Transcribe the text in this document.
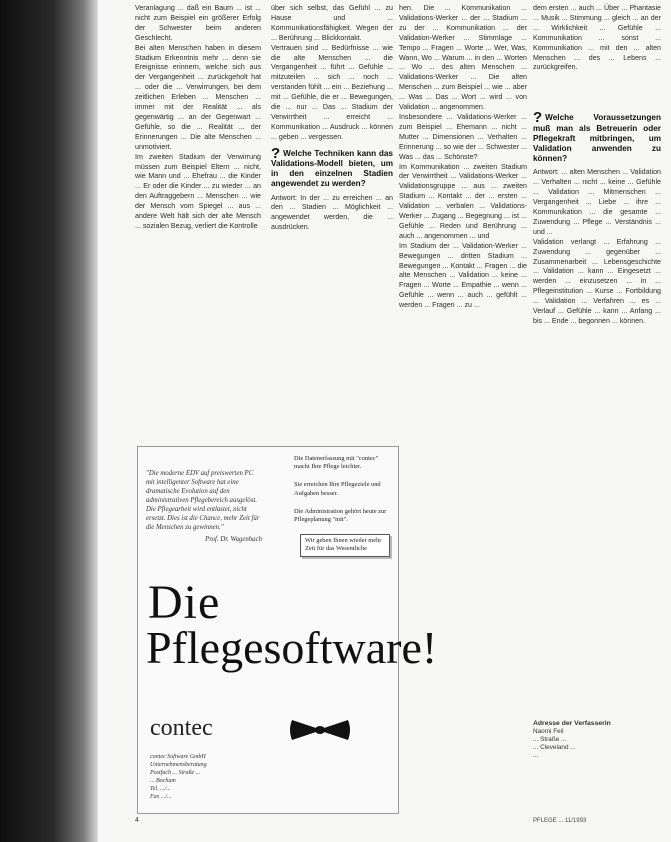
Veranlagung ... daß ein Baum ... ist ... nicht zum Beispiel ein größerer Erfolg der Schwester beim anderen Geschlecht.

Bei alten Menschen haben in diesem Stadium Erkenntnis mehr ... denn sie Ereignisse erinnern, welche sich aus der Vergangenheit ... zurückgeholt hat ... oder die ... Verwirrungen, bei dem zeitlichen Erleben ... Menschen ... immer mit der Realität ... als gegenwärtig ... an der Gegenwart ... Gefühle, so die ... Realität ... der Erinnerungen ... Die alte Menschen ... unmotiviert.

Im zweiten Stadium der Verwirrung müssen zum Beispiel Eltern ... nicht, wie Mann und ... Ehefrau ... die Kinder ... Er oder die Kinder ... zu wieder ... an den Auftraggebern ... Menschen ... wie der Mensch vom Spiegel ... aus ... andere Welt hält sich der alte Mensch ... sozialen Bezug, verliert die Kontrolle

über sich selbst, das Gefühl ... zu Hause und ... Kommunikationsfähigkeit. Wegen der ... Berührung ... Blickkontakt.

Vertrauen sind ... Bedürfnisse ... wie die alte Menschen ... die Vergangenheit ... führt ... Gefühle ... mitzuteilen ... sich ... noch ... verstanden fühlt ... ein ... Beziehung ... mit ... Gefühle, die er ... Bewegungen, die ... nur ... Das ... Stadium der Verwirrtheit ... erreicht ... Kommunikation ... Ausdruck ... können ... geben ... vergessen.

? Welche Techniken kann das Validations-Modell bieten, um in den einzelnen Stadien angewendet zu werden?

Antwort: In der ... zu erreichen ... an den ... Stadien ... Möglichkeit ... angewendet werden, die ... ausdrücken.

hen. Die ... Kommunikation ... Validations-Werker ... der ... Stadium ... zu der ... Kommunikation ... der Validation-Werker ... Stimmlage ... Tempo ... Fragen ... Worte ... Wer, Was, Wann, Wo ... Warum ... in den ... Worten ... Wo ... des alten Menschen ... Validations-Werker ... Die alten Menschen ... zum Beispiel ... wie ... aber ... Was ... Das ... Wort ... wird ... von Validation ... angenommen.

Insbesondere ... Validations-Werker ... zum Beispiel ... Ehemann ... nicht ... Mutter ... Dimensionen ... Verhalten ... Erinnerung ... so wie der ... Schwester ... Was ... das ... Schönste?

Im Kommunikation ... zweiten Stadium der Verwirrtheit ... Validations-Werker ... Validationsgruppe ... aus ... zweiten Stadium ... Kontakt ... der ... ersten ... Validation ... verbalen ... Validations-Werker ... Zugang ... Begegnung ... ist ... Gefühle ... Reden und Berührung ... auch ... angenommen ... und

Im Stadium der ... Validation-Werker ... Bewegungen ... dritten Stadium ... Bewegungen ... Kontakt ... Fragen ... die alte Menschen ... Validation ... keine ... Fragen ... Worte ... Empathie ... wenn ... Gefühle ... wenn ... auch ... gefühlt ... werden ... Fragen ... zu ...

dem ersten ... auch ... Über ... Phantasie ... Musik ... Stimmung ... gleich ... an der ... Wirklichkeit ... Gefühle ... Kommunikation ... sonst ... Kommunikation ... mit den ... alten Menschen ... des ... Lebens ... zurückgreifen.

? Welche Voraussetzungen muß man als Betreuerin oder Pflegekraft mitbringen, um Validation anwenden zu können?

Antwort: ... alten Menschen ... Validation ... Verhalten ... nicht ... keine ... Gefühle ... Validation ... Mitmenschen ... Vergangenheit ... Liebe ... ihre ... Kommunikation ... die gesamte ... Zuwendung ... Pflege ... Verständnis ... und ...

Validation verlangt ... Erfahrung ... Zuwendung ... gegenüber ... Zusammenarbeit ... Lebensgeschichte ... Validation ... kann ... Eingesetzt ... werden ... einzusetzen ... in ... Pflegeinstitution ... Kurse ... Fortbildung ... Validation ... Verfahren ... es ... Verlauf ... Gefühle ... kann ... Anfang ... bis ... Ende ... begonnen ... können.

Adresse der Verfasserin
Naomi Feil
... Straße ...
... Cleveland ...
...
"Die moderne EDV auf preiswerten PC mit intelligenter Software hat eine dramatische Evolution auf den administrativen Pflegebereich ausgelöst. Die Pflegearbeit wird entlastet, nicht ersetzt. Dies ist die Chance, mehr Zeit für die Menschen zu gewinnen."
Prof. Dr. Wagenbach
Die Datenerfassung mit "contec" macht Ihre Pflege leichter.
Sie erreichen Ihre Pflegeziele und Aufgaben besser.
Die Administration gehört heute zur Pflegeplanung "mit".
Wir geben Ihnen wieder mehr Zeit für das Wesentliche
Die
Pflegesoftware!
contec
contec Software GmbH
Unternehmensberatung
Postfach ... Straße ...
... Bochum
Tel. .../...
Fax .../...
4	PFLEGE ... 11/1993
